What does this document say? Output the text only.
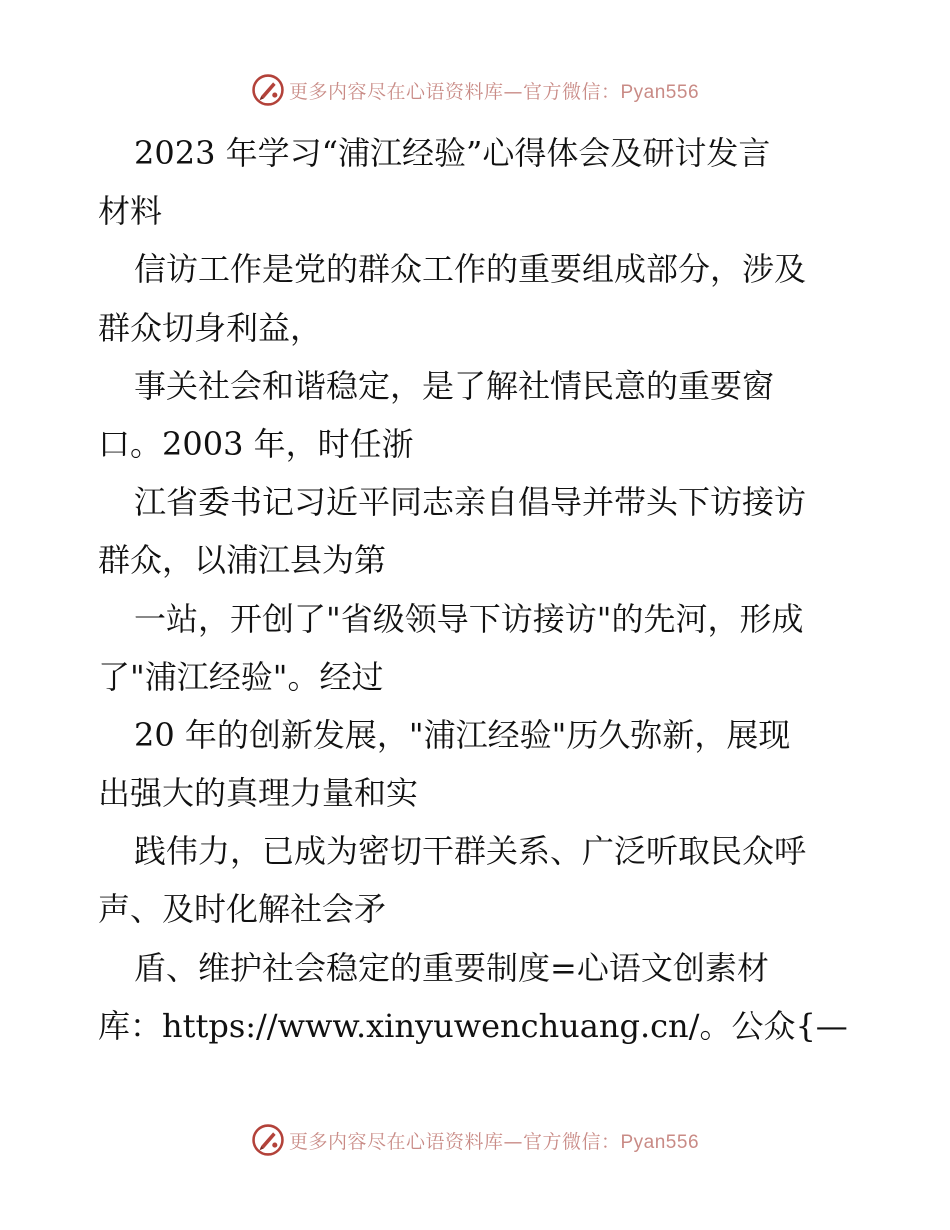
更多内容尽在心语资料库—官方微信：Pyan556
2023 年学习“浦江经验”心得体会及研讨发言
材料
信访工作是党的群众工作的重要组成部分，涉及
群众切身利益，
事关社会和谐稳定，是了解社情民意的重要窗
口。2003 年，时任浙
江省委书记习近平同志亲自倡导并带头下访接访
群众，以浦江县为第
一站，开创了"省级领导下访接访"的先河，形成
了"浦江经验"。经过
20 年的创新发展，"浦江经验"历久弥新，展现
出强大的真理力量和实
践伟力，已成为密切干群关系、广泛听取民众呼
声、及时化解社会矛
盾、维护社会稳定的重要制度=心语文创素材
库：https://www.xinyuwenchuang.cn/。公众{—
更多内容尽在心语资料库—官方微信：Pyan556
